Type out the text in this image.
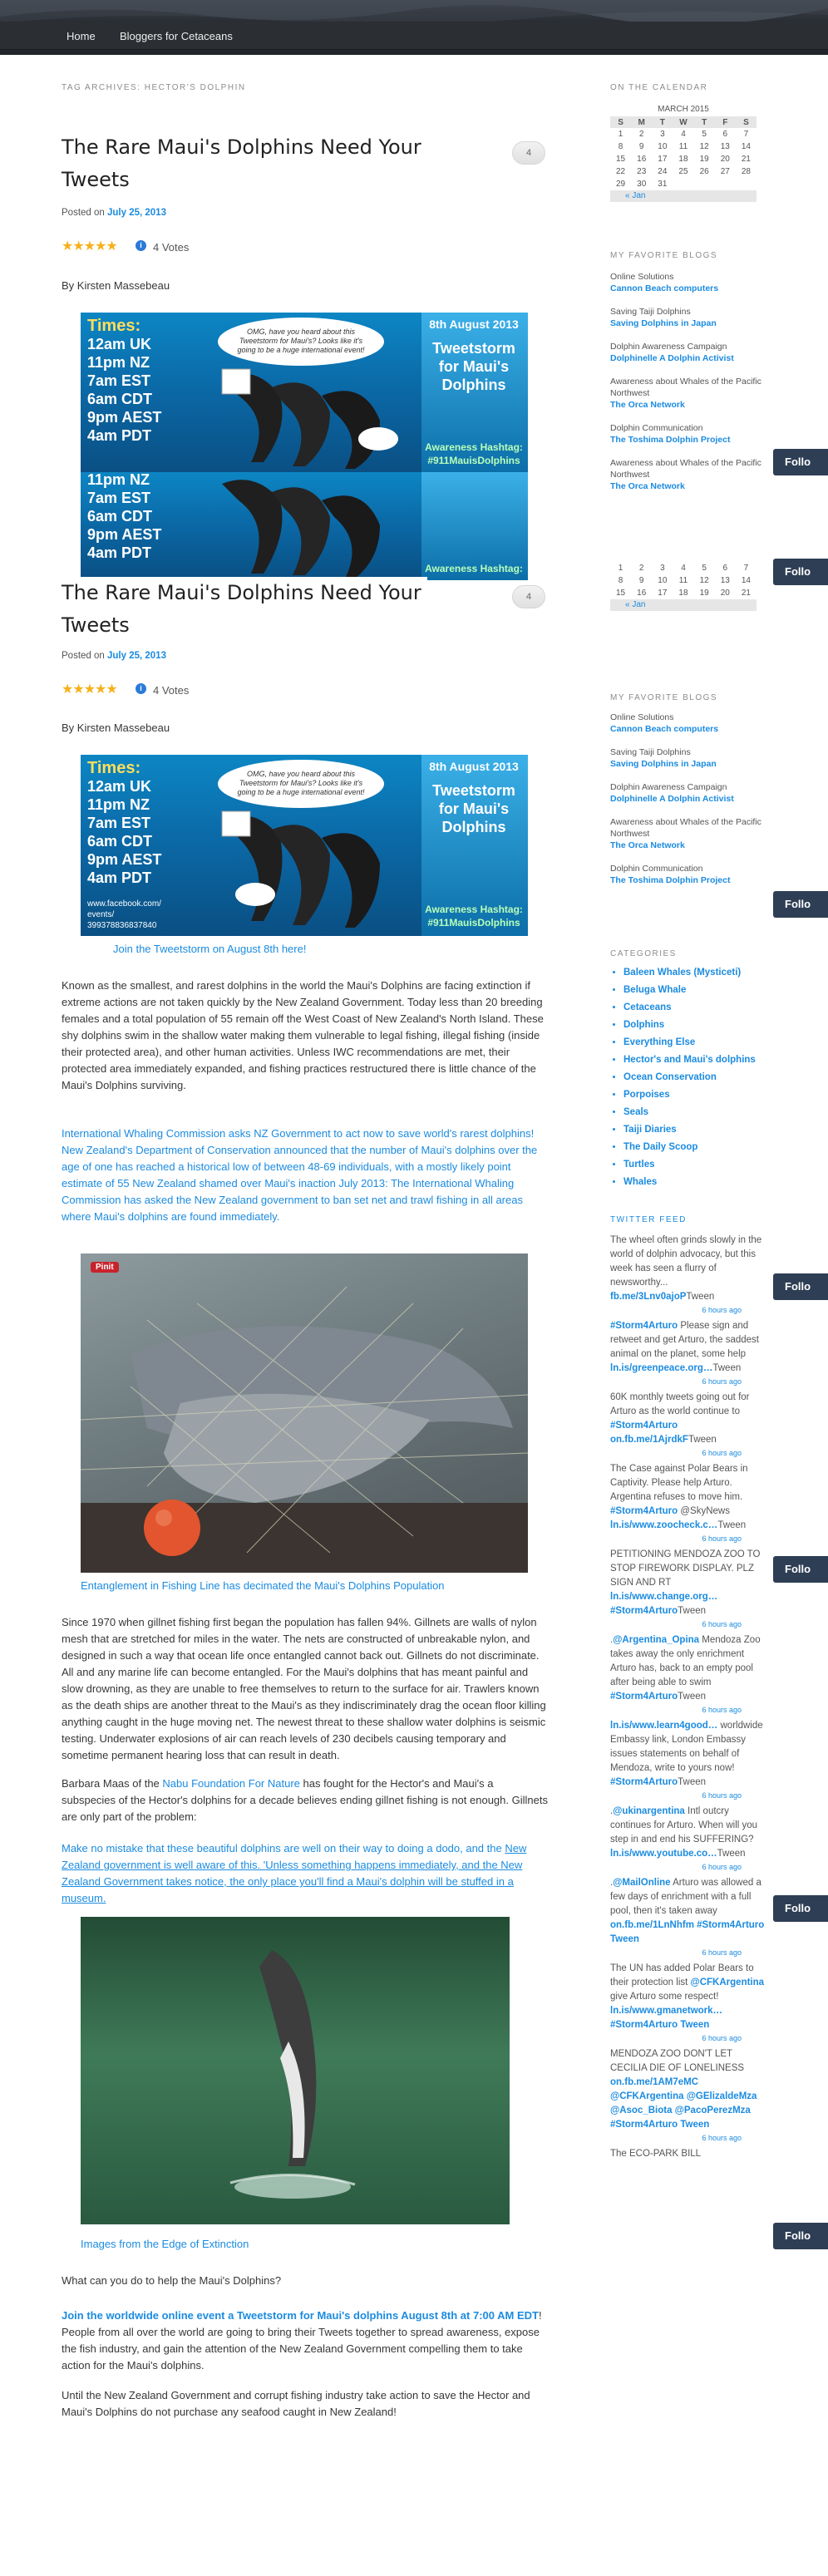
Home Bloggers for Cetaceans
TAG ARCHIVES: HECTOR'S DOLPHIN
The Rare Maui's Dolphins Need Your Tweets
4
Posted on July 25, 2013
★★★★★	i	4 Votes
By Kirsten Massebeau
Times:
12am UK
11pm NZ
7am EST
6am CDT
9pm AEST
4am PDT
OMG, have you heard about this Tweetstorm for Maui's? Looks like it's going to be a huge international event!
8th August 2013
Tweetstorm for Maui's Dolphins
Awareness Hashtag:
#911MauisDolphins
11pm NZ
7am EST
6am CDT
9pm AEST
4am PDT
Awareness Hashtag:
The Rare Maui's Dolphins Need Your Tweets
4
Posted on July 25, 2013
★★★★★	i	4 Votes
By Kirsten Massebeau
Times:
12am UK
11pm NZ
7am EST
6am CDT
9pm AEST
4am PDT
www.facebook.com/
events/
399378836837840
OMG, have you heard about this Tweetstorm for Maui's? Looks like it's going to be a huge international event!
8th August 2013
Tweetstorm for Maui's Dolphins
Awareness Hashtag:
#911MauisDolphins
Join the Tweetstorm on August 8th here!

Known as the smallest, and rarest dolphins in the world the Maui's Dolphins are facing extinction if extreme actions are not taken quickly by the New Zealand Government. Today less than 20 breeding females and a total population of 55 remain off the West Coast of New Zealand's North Island. These shy dolphins swim in the shallow water making them vulnerable to legal fishing, illegal fishing (inside their protected area), and other human activities. Unless IWC recommendations are met, their protected area immediately expanded, and fishing practices restructured there is little chance of the Maui's Dolphins surviving.

International Whaling Commission asks NZ Government to act now to save world's rarest dolphins! New Zealand's Department of Conservation announced that the number of Maui's dolphins over the age of one has reached a historical low of between 48-69 individuals, with a mostly likely point estimate of 55 New Zealand shamed over Maui's inaction July 2013: The International Whaling Commission has asked the New Zealand government to ban set net and trawl fishing in all areas where Maui's dolphins are found immediately.

Pinit
Entanglement in Fishing Line has decimated the Maui's Dolphins Population

Since 1970 when gillnet fishing first began the population has fallen 94%. Gillnets are walls of nylon mesh that are stretched for miles in the water. The nets are constructed of unbreakable nylon, and designed in such a way that ocean life once entangled cannot back out. Gillnets do not discriminate. All and any marine life can become entangled. For the Maui's dolphins that has meant painful and slow drowning, as they are unable to free themselves to return to the surface for air. Trawlers known as the death ships are another threat to the Maui's as they indiscriminately drag the ocean floor killing anything caught in the huge moving net. The newest threat to these shallow water dolphins is seismic testing. Underwater explosions of air can reach levels of 230 decibels causing temporary and sometime permanent hearing loss that can result in death.

Barbara Maas of the Nabu Foundation For Nature has fought for the Hector's and Maui's a subspecies of the Hector's dolphins for a decade believes ending gillnet fishing is not enough. Gillnets are only part of the problem:

Make no mistake that these beautiful dolphins are well on their way to doing a dodo, and the New Zealand government is well aware of this. 'Unless something happens immediately, and the New Zealand Government takes notice, the only place you'll find a Maui's dolphin will be stuffed in a museum.

Images from the Edge of Extinction

What can you do to help the Maui's Dolphins?

Join the worldwide online event a Tweetstorm for Maui's dolphins August 8th at 7:00 AM EDT! People from all over the world are going to bring their Tweets together to spread awareness, expose the fish industry, and gain the attention of the New Zealand Government compelling them to take action for the Maui's dolphins.

Until the New Zealand Government and corrupt fishing industry take action to save the Hector and Maui's Dolphins do not purchase any seafood caught in New Zealand!

ON THE CALENDAR
MARCH 2015
S	M	T	W	T	F	S
1	2	3	4	5	6	7
8	9	10	11	12	13	14
15	16	17	18	19	20	21
22	23	24	25	26	27	28
29	30	31				
« Jan
MY FAVORITE BLOGS
Online Solutions
Cannon Beach computers
Saving Taiji Dolphins
Saving Dolphins in Japan
Dolphin Awareness Campaign
Dolphinelle A Dolphin Activist
Awareness about Whales of the Pacific Northwest
The Orca Network
Dolphin Communication
The Toshima Dolphin Project
Awareness about Whales of the Pacific Northwest
The Orca Network
1	2	3	4	5	6	7
8	9	10	11	12	13	14
15	16	17	18	19	20	21
« Jan
MY FAVORITE BLOGS
Online Solutions
Cannon Beach computers
Saving Taiji Dolphins
Saving Dolphins in Japan
Dolphin Awareness Campaign
Dolphinelle A Dolphin Activist
Awareness about Whales of the Pacific Northwest
The Orca Network
Dolphin Communication
The Toshima Dolphin Project
CATEGORIES
• Baleen Whales (Mysticeti)
• Beluga Whale
• Cetaceans
• Dolphins
• Everything Else
• Hector's and Maui's dolphins
• Ocean Conservation
• Porpoises
• Seals
• Taiji Diaries
• The Daily Scoop
• Turtles
• Whales
TWITTER FEED
The wheel often grinds slowly in the world of dolphin advocacy, but this week has seen a flurry of newsworthy... fb.me/3Lnv0ajoPTween
6 hours ago
#Storm4Arturo Please sign and retweet and get Arturo, the saddest animal on the planet, some help ln.is/greenpeace.org…Tween
6 hours ago
60K monthly tweets going out for Arturo as the world continue to #Storm4Arturo on.fb.me/1AjrdkFTween
6 hours ago
The Case against Polar Bears in Captivity. Please help Arturo. Argentina refuses to move him. #Storm4Arturo @SkyNews ln.is/www.zoocheck.c…Tween
6 hours ago
PETITIONING MENDOZA ZOO TO STOP FIREWORK DISPLAY. PLZ SIGN AND RT ln.is/www.change.org…#Storm4ArturoTween
6 hours ago
.@Argentina_Opina Mendoza Zoo takes away the only enrichment Arturo has, back to an empty pool after being able to swim #Storm4ArturoTween
6 hours ago
ln.is/www.learn4good… worldwide Embassy link, London Embassy issues statements on behalf of Mendoza, write to yours now! #Storm4ArturoTween
6 hours ago
.@ukinargentina Intl outcry continues for Arturo. When will you step in and end his SUFFERING? ln.is/www.youtube.co…Tween
6 hours ago
.@MailOnline Arturo was allowed a few days of enrichment with a full pool, then it's taken away on.fb.me/1LnNhfm #Storm4Arturo Tween
6 hours ago
The UN has added Polar Bears to their protection list @CFKArgentina give Arturo some respect! ln.is/www.gmanetwork… #Storm4Arturo Tween
6 hours ago
MENDOZA ZOO DON'T LET CECILIA DIE OF LONELINESS on.fb.me/1AM7eMC @CFKArgentina @GElizaldeMza @Asoc_Biota @PacoPerezMza #Storm4Arturo Tween
6 hours ago
The ECO-PARK BILL
Follo
Follo
Follo
Follo
Follo
Follo
Follo
